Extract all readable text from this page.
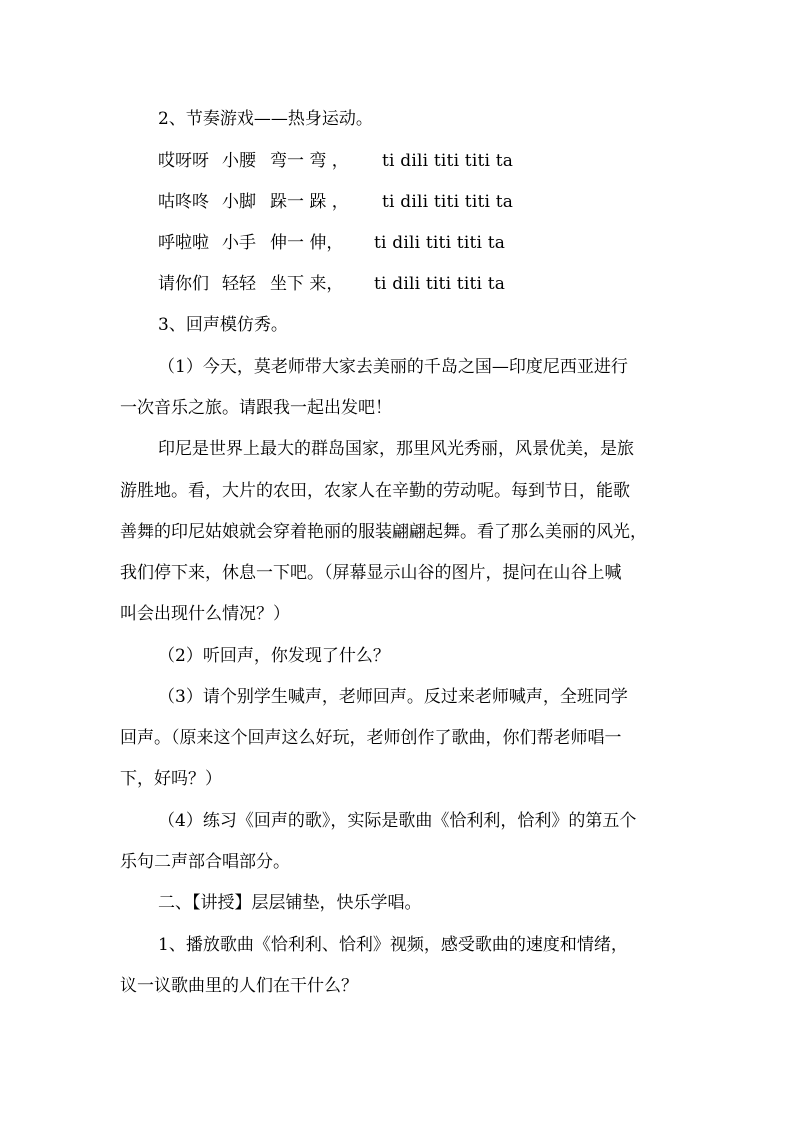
2、节奏游戏——热身运动。
哎呀呀 小腰 弯一 弯 ， ti dili titi titi ta
咕咚咚 小脚 跺一 跺 ， ti dili titi titi ta
呼啦啦 小手 伸一 伸， ti dili titi titi ta
请你们 轻轻 坐下 来， ti dili titi titi ta
3、回声模仿秀。
（1）今天，莫老师带大家去美丽的千岛之国—印度尼西亚进行
一次音乐之旅。请跟我一起出发吧！
印尼是世界上最大的群岛国家，那里风光秀丽，风景优美，是旅
游胜地。看，大片的农田，农家人在辛勤的劳动呢。每到节日，能歌
善舞的印尼姑娘就会穿着艳丽的服装翩翩起舞。看了那么美丽的风光，
我们停下来，休息一下吧。（屏幕显示山谷的图片，提问在山谷上喊
叫会出现什么情况？）
（2）听回声，你发现了什么？
（3）请个别学生喊声，老师回声。反过来老师喊声，全班同学
回声。（原来这个回声这么好玩，老师创作了歌曲，你们帮老师唱一
下，好吗？）
（4）练习《回声的歌》，实际是歌曲《恰利利，恰利》的第五个
乐句二声部合唱部分。
二、【讲授】层层铺垫，快乐学唱。
1、播放歌曲《恰利利、恰利》视频，感受歌曲的速度和情绪，
议一议歌曲里的人们在干什么？
